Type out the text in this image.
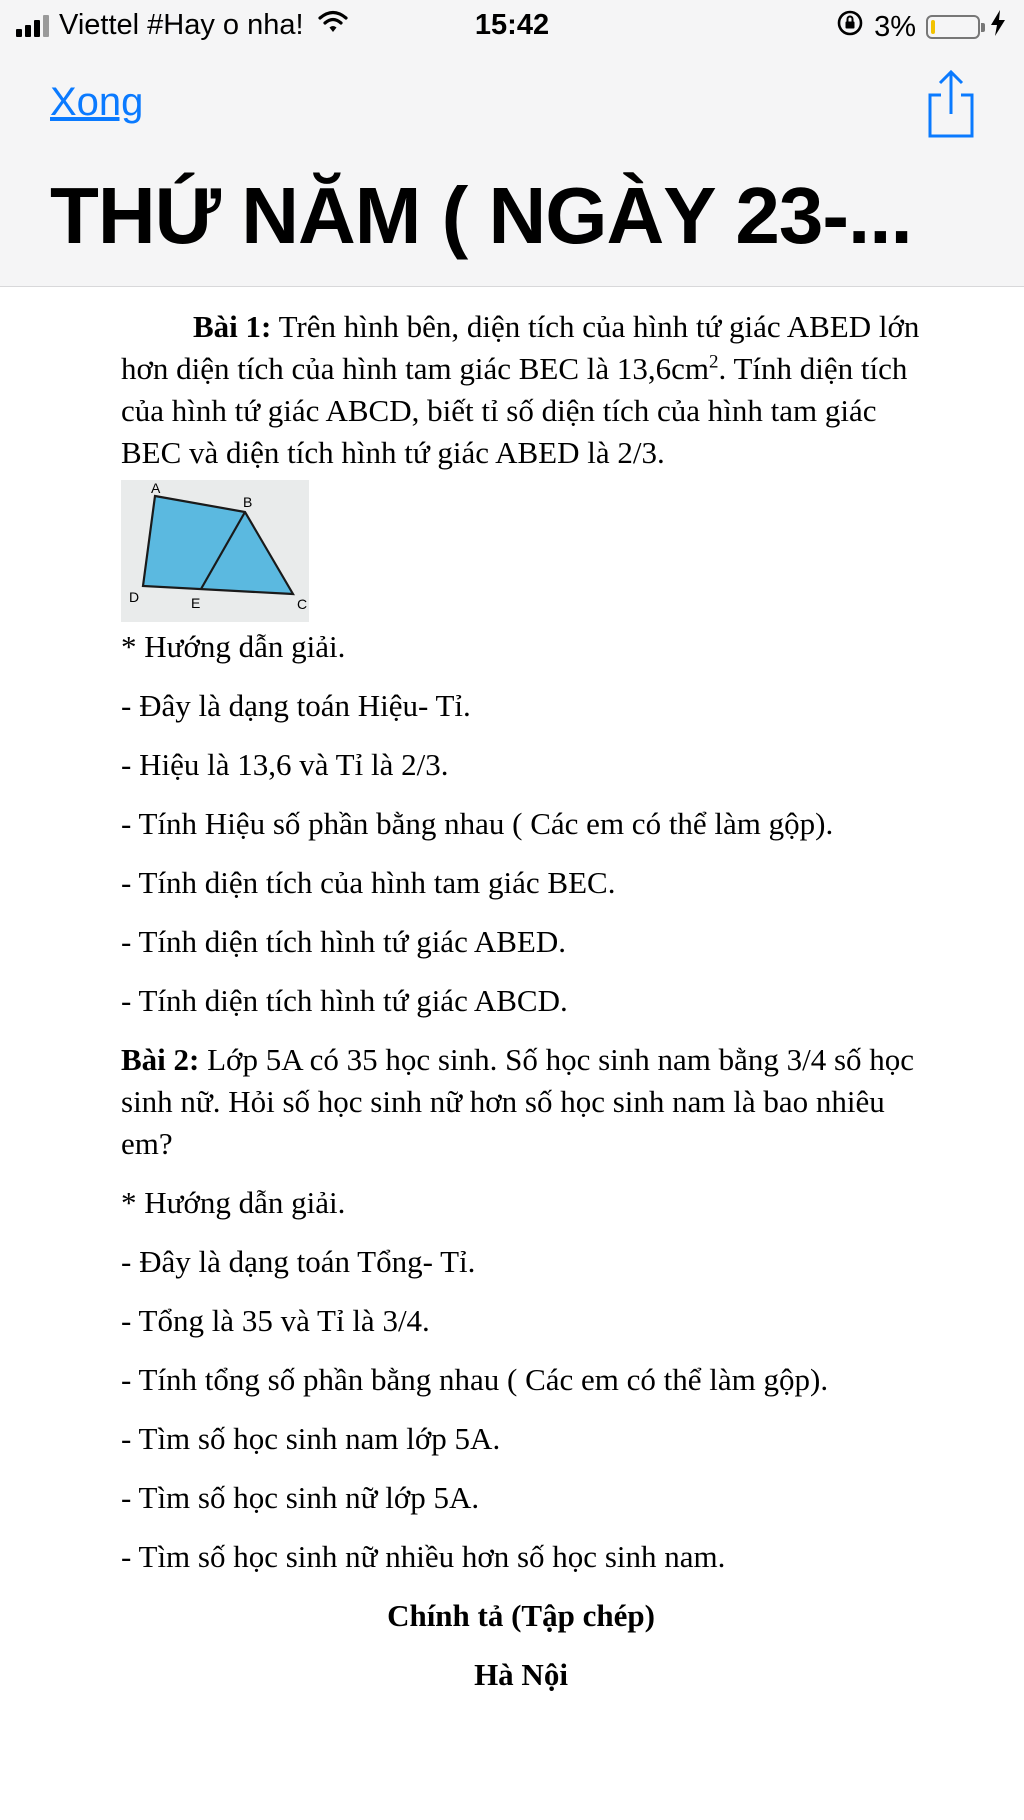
Viettel #Hay o nha!	15:42	3%
Xong
THỨ NĂM ( NGÀY 23-...

Bài 1: Trên hình bên, diện tích của hình tứ giác ABED lớn hơn diện tích của hình tam giác BEC là $13,6cm^2$. Tính diện tích của hình tứ giác ABCD, biết tỉ số diện tích của hình tam giác BEC và diện tích hình tứ giác ABED là 2/3.

A
B
C
D	E

* Hướng dẫn giải.

- Đây là dạng toán Hiệu- Tỉ.

- Hiệu là 13,6 và Tỉ là 2/3.

- Tính Hiệu số phần bằng nhau ( Các em có thể làm gộp).

- Tính diện tích của hình tam giác BEC.

- Tính diện tích hình tứ giác ABED.

- Tính diện tích hình tứ giác ABCD.

Bài 2: Lớp 5A có 35 học sinh. Số học sinh nam bằng 3/4 số học sinh nữ. Hỏi số học sinh nữ hơn số học sinh nam là bao nhiêu em?

* Hướng dẫn giải.

- Đây là dạng toán Tổng- Tỉ.

- Tổng là 35 và Tỉ là 3/4.

- Tính tổng số phần bằng nhau ( Các em có thể làm gộp).

- Tìm số học sinh nam lớp 5A.

- Tìm số học sinh nữ lớp 5A.

- Tìm số học sinh nữ nhiều hơn số học sinh nam.

Chính tả (Tập chép)

Hà Nội
